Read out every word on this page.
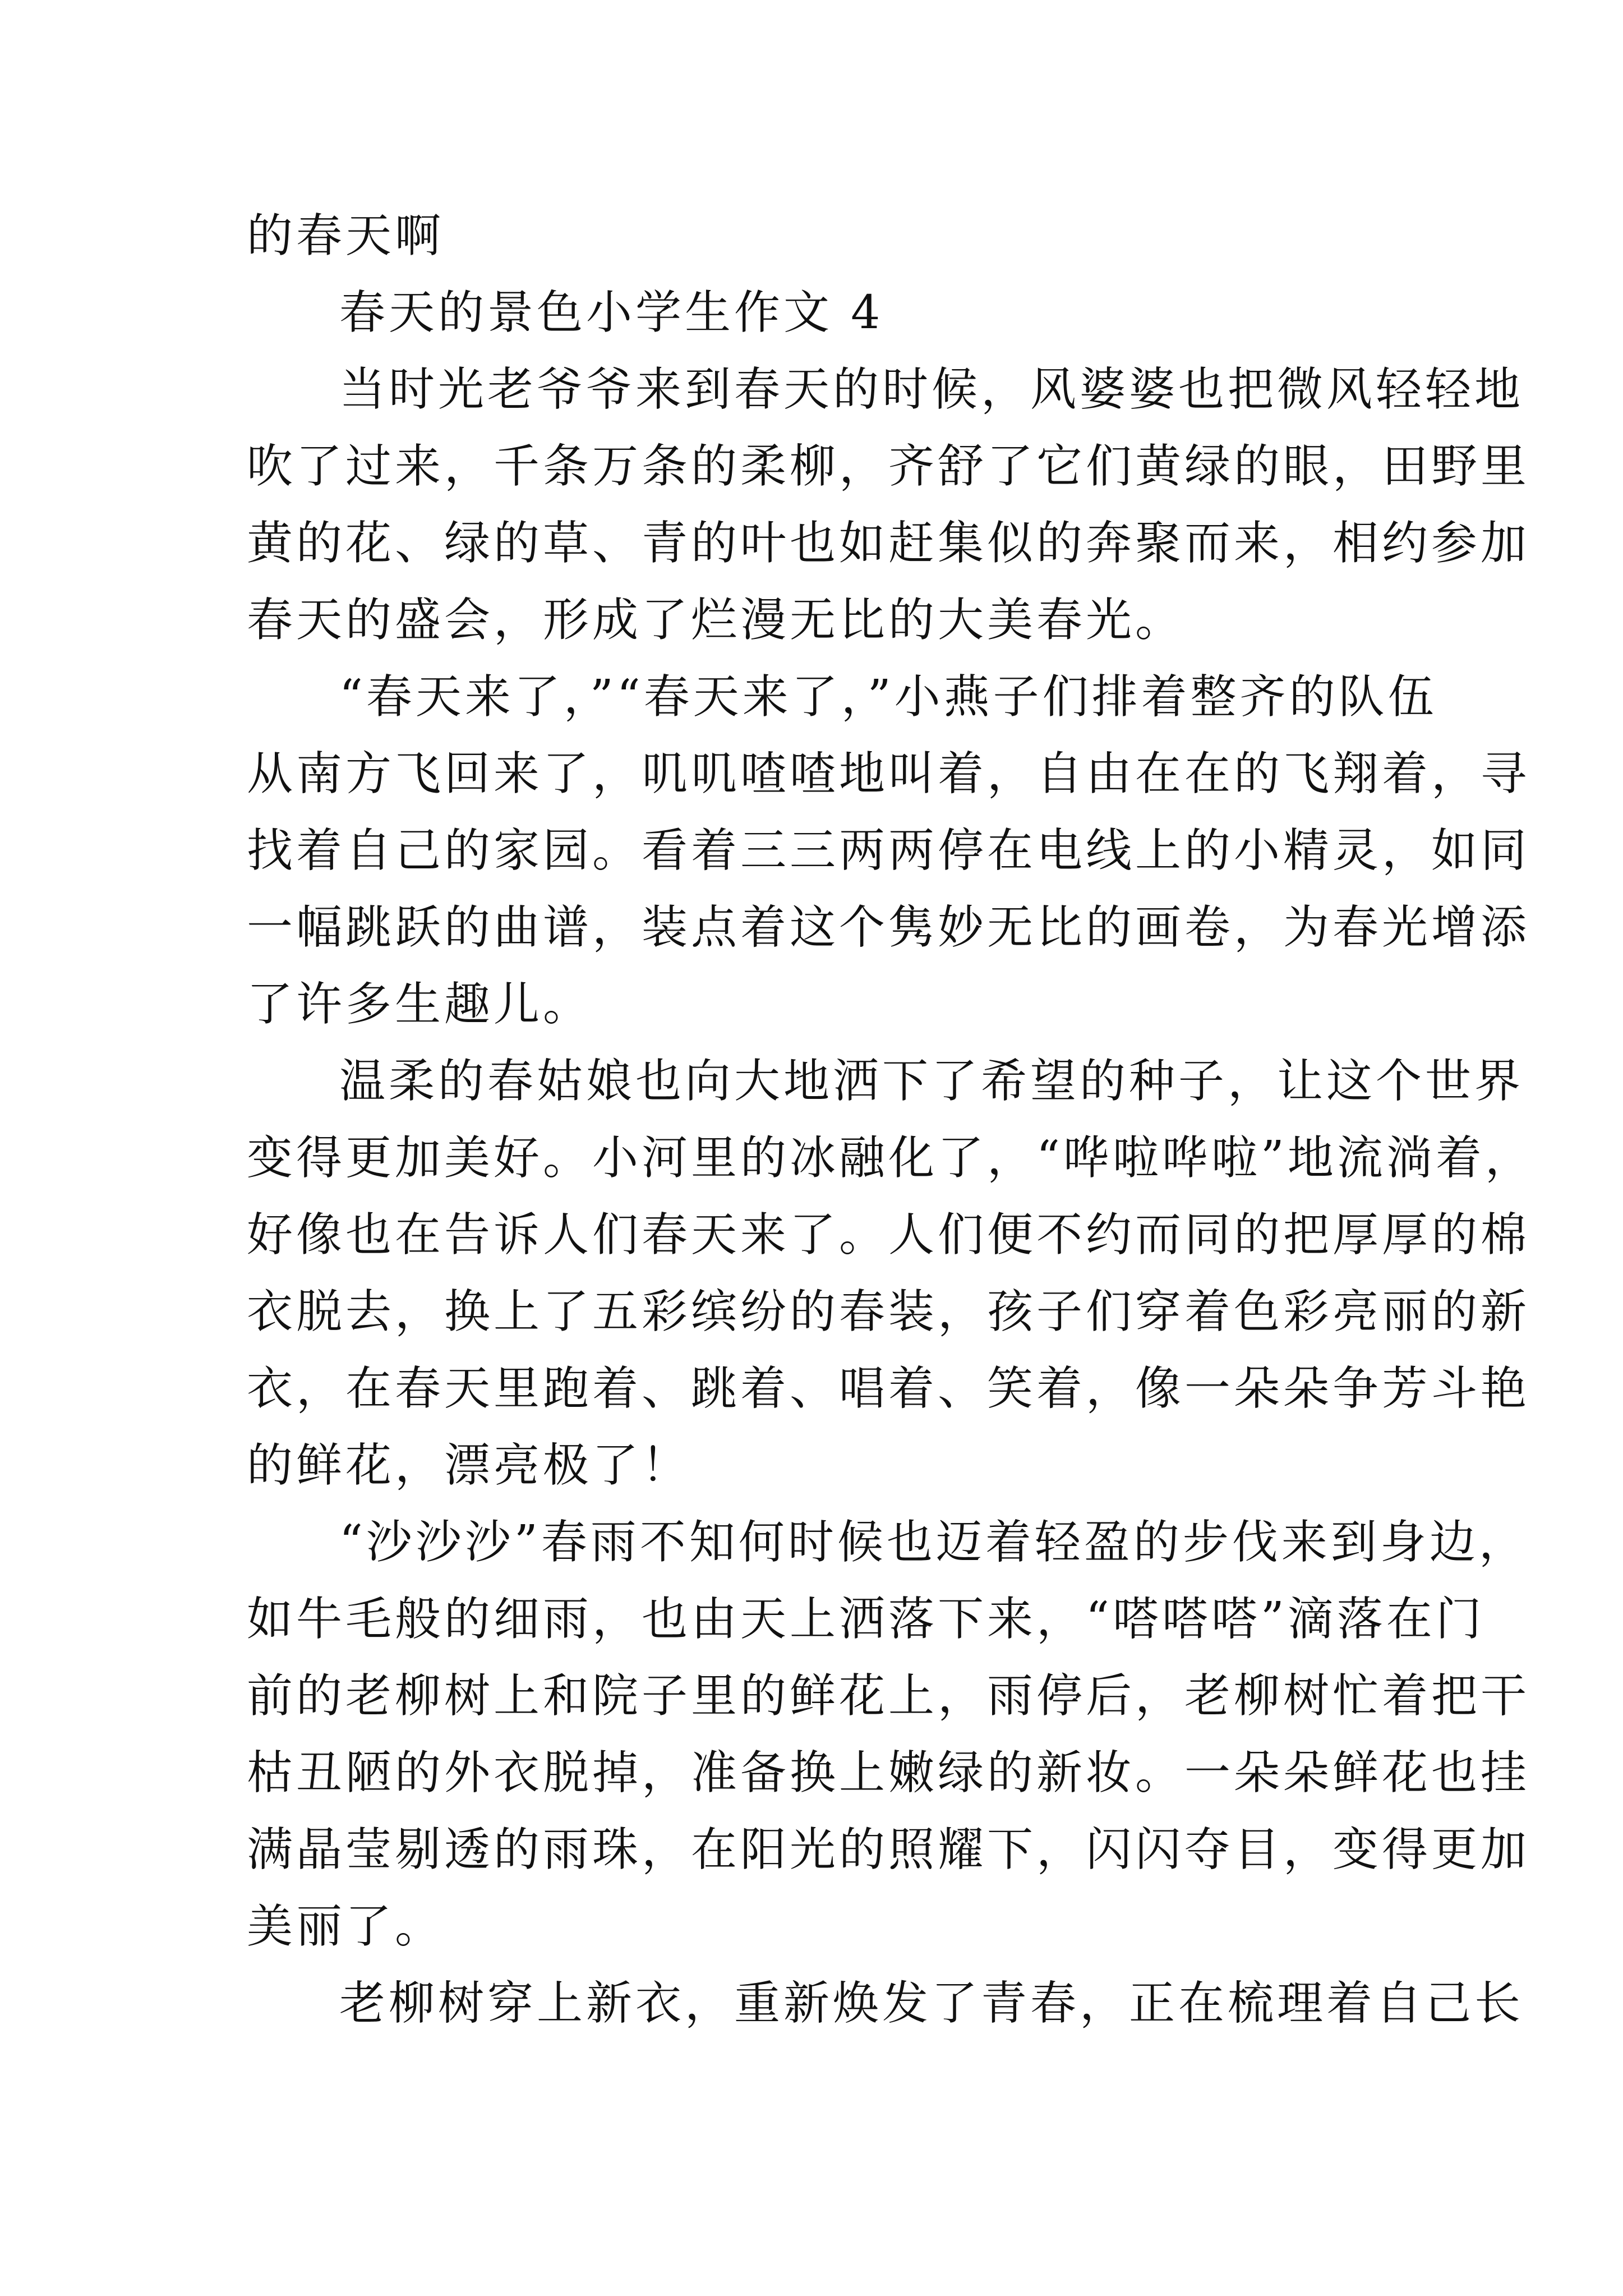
的春天啊
春天的景色小学生作文 4
当时光老爷爷来到春天的时候，风婆婆也把微风轻轻地
吹了过来，千条万条的柔柳，齐舒了它们黄绿的眼，田野里
黄的花、绿的草、青的叶也如赶集似的奔聚而来，相约参加
春天的盛会，形成了烂漫无比的大美春光。
“春天来了，”“春天来了，”小燕子们排着整齐的队伍
从南方飞回来了，叽叽喳喳地叫着，自由在在的飞翔着，寻
找着自己的家园。看着三三两两停在电线上的小精灵，如同
一幅跳跃的曲谱，装点着这个隽妙无比的画卷，为春光增添
了许多生趣儿。
温柔的春姑娘也向大地洒下了希望的种子，让这个世界
变得更加美好。小河里的冰融化了，“哗啦哗啦”地流淌着，
好像也在告诉人们春天来了。人们便不约而同的把厚厚的棉
衣脱去，换上了五彩缤纷的春装，孩子们穿着色彩亮丽的新
衣，在春天里跑着、跳着、唱着、笑着，像一朵朵争芳斗艳
的鲜花，漂亮极了！
“沙沙沙”春雨不知何时候也迈着轻盈的步伐来到身边，
如牛毛般的细雨，也由天上洒落下来，“嗒嗒嗒”滴落在门
前的老柳树上和院子里的鲜花上，雨停后，老柳树忙着把干
枯丑陋的外衣脱掉，准备换上嫩绿的新妆。一朵朵鲜花也挂
满晶莹剔透的雨珠，在阳光的照耀下，闪闪夺目，变得更加
美丽了。
老柳树穿上新衣，重新焕发了青春，正在梳理着自己长
